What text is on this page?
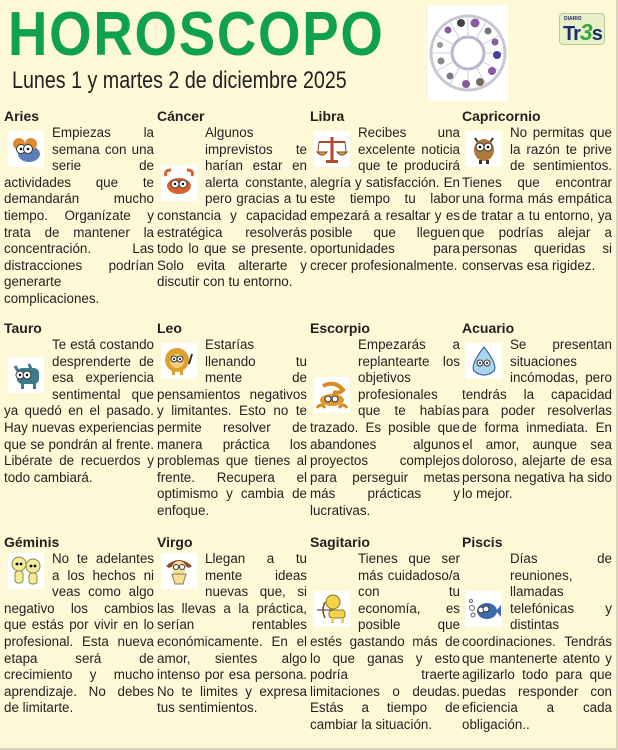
HOROSCOPO
Lunes 1 y martes 2 de diciembre 2025
DIARIO
Tr3s
Aries
Empiezas la semana con una serie de actividades que te demandarán mucho tiempo. Organízate y trata de mantener la concentración. Las distracciones podrían generarte complicaciones.
Cáncer
Algunos imprevistos te harían estar en alerta constante, pero gracias a tu constancia y capacidad estratégica resolverás todo lo que se presente. Solo evita alterarte y discutir con tu entorno.
Libra
Recibes una excelente noticia que te producirá alegría y satisfacción. En este tiempo tu labor empezará a resaltar y es posible que lleguen oportunidades para crecer profesionalmente.
Capricornio
No permitas que la razón te prive de sentimientos. Tienes que encontrar una forma más empática de tratar a tu entorno, ya que podrías alejar a personas queridas si conservas esa rigidez.
Tauro
Te está costando desprenderte de esa experiencia sentimental que ya quedó en el pasado. Hay nuevas experiencias que se pondrán al frente. Libérate de recuerdos y todo cambiará.
Leo
Estarías llenando tu mente de pensamientos negativos y limitantes. Esto no te permite resolver de manera práctica los problemas que tienes al frente. Recupera el optimismo y cambia de enfoque.
Escorpio
Empezarás a replantearte los objetivos profesionales que te habías trazado. Es posible que abandones algunos proyectos complejos para perseguir metas más prácticas y lucrativas.
Acuario
Se presentan situaciones incómodas, pero tendrás la capacidad para poder resolverlas de forma inmediata. En el amor, aunque sea doloroso, alejarte de esa persona negativa ha sido lo mejor.
Géminis
No te adelantes a los hechos ni veas como algo negativo los cambios que estás por vivir en lo profesional. Esta nueva etapa será de crecimiento y mucho aprendizaje. No debes de limitarte.
Virgo
Llegan a tu mente ideas nuevas que, si las llevas a la práctica, serían rentables económicamente. En el amor, sientes algo intenso por esa persona. No te limites y expresa tus sentimientos.
Sagitario
Tienes que ser más cuidadoso/a con tu economía, es posible que estés gastando más de lo que ganas y esto podría traerte limitaciones o deudas. Estás a tiempo de cambiar la situación.
Piscis
Días de reuniones, llamadas telefónicas y distintas coordinaciones. Tendrás que mantenerte atento y agilizarlo todo para que puedas responder con eficiencia a cada obligación..
